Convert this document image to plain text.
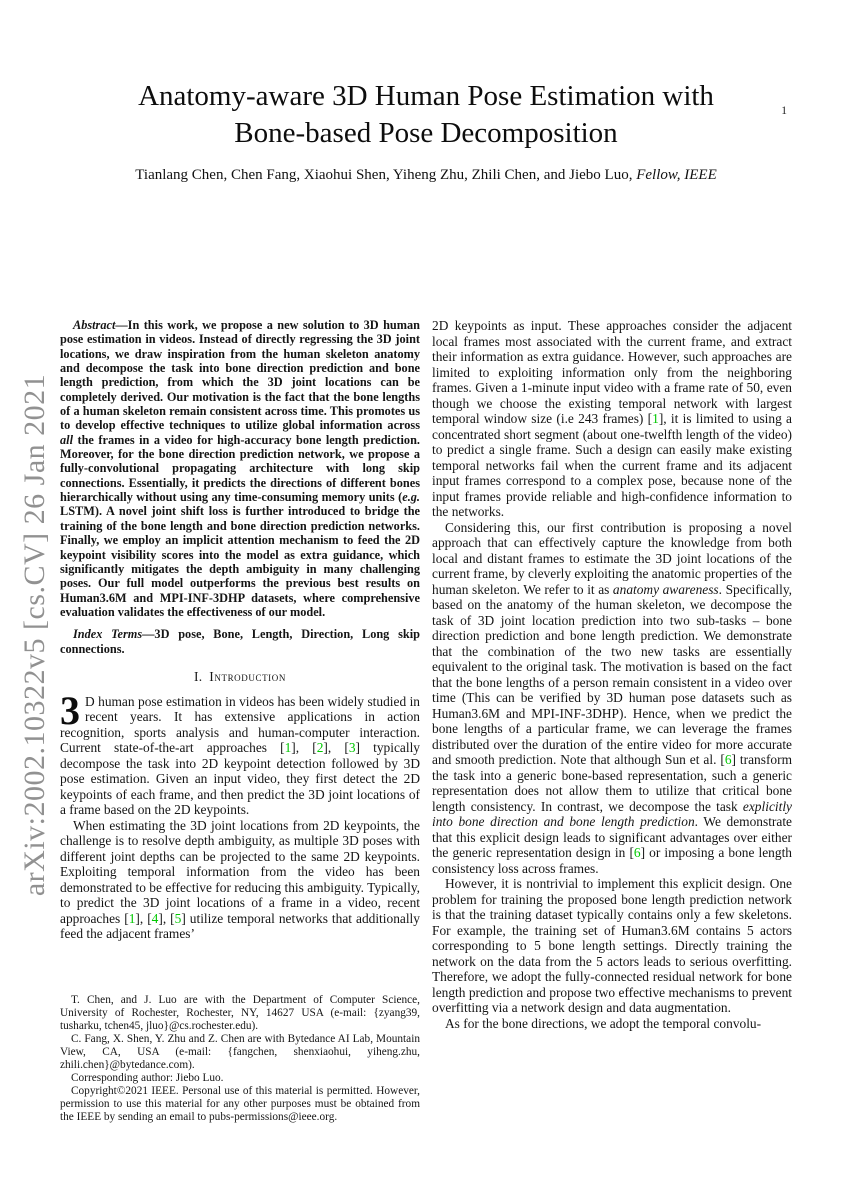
1
arXiv:2002.10322v5 [cs.CV] 26 Jan 2021
Anatomy-aware 3D Human Pose Estimation with
Bone-based Pose Decomposition
Tianlang Chen, Chen Fang, Xiaohui Shen, Yiheng Zhu, Zhili Chen, and Jiebo Luo, Fellow, IEEE

Abstract—In this work, we propose a new solution to 3D human pose estimation in videos. Instead of directly regressing the 3D joint locations, we draw inspiration from the human skeleton anatomy and decompose the task into bone direction prediction and bone length prediction, from which the 3D joint locations can be completely derived. Our motivation is the fact that the bone lengths of a human skeleton remain consistent across time. This promotes us to develop effective techniques to utilize global information across all the frames in a video for high-accuracy bone length prediction. Moreover, for the bone direction prediction network, we propose a fully-convolutional propagating architecture with long skip connections. Essentially, it predicts the directions of different bones hierarchically without using any time-consuming memory units (e.g. LSTM). A novel joint shift loss is further introduced to bridge the training of the bone length and bone direction prediction networks. Finally, we employ an implicit attention mechanism to feed the 2D keypoint visibility scores into the model as extra guidance, which significantly mitigates the depth ambiguity in many challenging poses. Our full model outperforms the previous best results on Human3.6M and MPI-INF-3DHP datasets, where comprehensive evaluation validates the effectiveness of our model.

Index Terms—3D pose, Bone, Length, Direction, Long skip connections.

I. Introduction

3 D human pose estimation in videos has been widely studied in recent years. It has extensive applications in action recognition, sports analysis and human-computer interaction. Current state-of-the-art approaches [1], [2], [3] typically decompose the task into 2D keypoint detection followed by 3D pose estimation. Given an input video, they first detect the 2D keypoints of each frame, and then predict the 3D joint locations of a frame based on the 2D keypoints.

When estimating the 3D joint locations from 2D keypoints, the challenge is to resolve depth ambiguity, as multiple 3D poses with different joint depths can be projected to the same 2D keypoints. Exploiting temporal information from the video has been demonstrated to be effective for reducing this ambiguity. Typically, to predict the 3D joint locations of a frame in a video, recent approaches [1], [4], [5] utilize temporal networks that additionally feed the adjacent frames’

T. Chen, and J. Luo are with the Department of Computer Science, University of Rochester, Rochester, NY, 14627 USA (e-mail: {zyang39, tusharku, tchen45, jluo}@cs.rochester.edu).

C. Fang, X. Shen, Y. Zhu and Z. Chen are with Bytedance AI Lab, Mountain View, CA, USA (e-mail: {fangchen, shenxiaohui, yiheng.zhu, zhili.chen}@bytedance.com).

Corresponding author: Jiebo Luo.

Copyright©2021 IEEE. Personal use of this material is permitted. However, permission to use this material for any other purposes must be obtained from the IEEE by sending an email to pubs-permissions@ieee.org.

2D keypoints as input. These approaches consider the adjacent local frames most associated with the current frame, and extract their information as extra guidance. However, such approaches are limited to exploiting information only from the neighboring frames. Given a 1-minute input video with a frame rate of 50, even though we choose the existing temporal network with largest temporal window size (i.e 243 frames) [1], it is limited to using a concentrated short segment (about one-twelfth length of the video) to predict a single frame. Such a design can easily make existing temporal networks fail when the current frame and its adjacent input frames correspond to a complex pose, because none of the input frames provide reliable and high-confidence information to the networks.

Considering this, our first contribution is proposing a novel approach that can effectively capture the knowledge from both local and distant frames to estimate the 3D joint locations of the current frame, by cleverly exploiting the anatomic properties of the human skeleton. We refer to it as anatomy awareness. Specifically, based on the anatomy of the human skeleton, we decompose the task of 3D joint location prediction into two sub-tasks – bone direction prediction and bone length prediction. We demonstrate that the combination of the two new tasks are essentially equivalent to the original task. The motivation is based on the fact that the bone lengths of a person remain consistent in a video over time (This can be verified by 3D human pose datasets such as Human3.6M and MPI-INF-3DHP). Hence, when we predict the bone lengths of a particular frame, we can leverage the frames distributed over the duration of the entire video for more accurate and smooth prediction. Note that although Sun et al. [6] transform the task into a generic bone-based representation, such a generic representation does not allow them to utilize that critical bone length consistency. In contrast, we decompose the task explicitly into bone direction and bone length prediction. We demonstrate that this explicit design leads to significant advantages over either the generic representation design in [6] or imposing a bone length consistency loss across frames.

However, it is nontrivial to implement this explicit design. One problem for training the proposed bone length prediction network is that the training dataset typically contains only a few skeletons. For example, the training set of Human3.6M contains 5 actors corresponding to 5 bone length settings. Directly training the network on the data from the 5 actors leads to serious overfitting. Therefore, we adopt the fully-connected residual network for bone length prediction and propose two effective mechanisms to prevent overfitting via a network design and data augmentation.

As for the bone directions, we adopt the temporal convolu-
